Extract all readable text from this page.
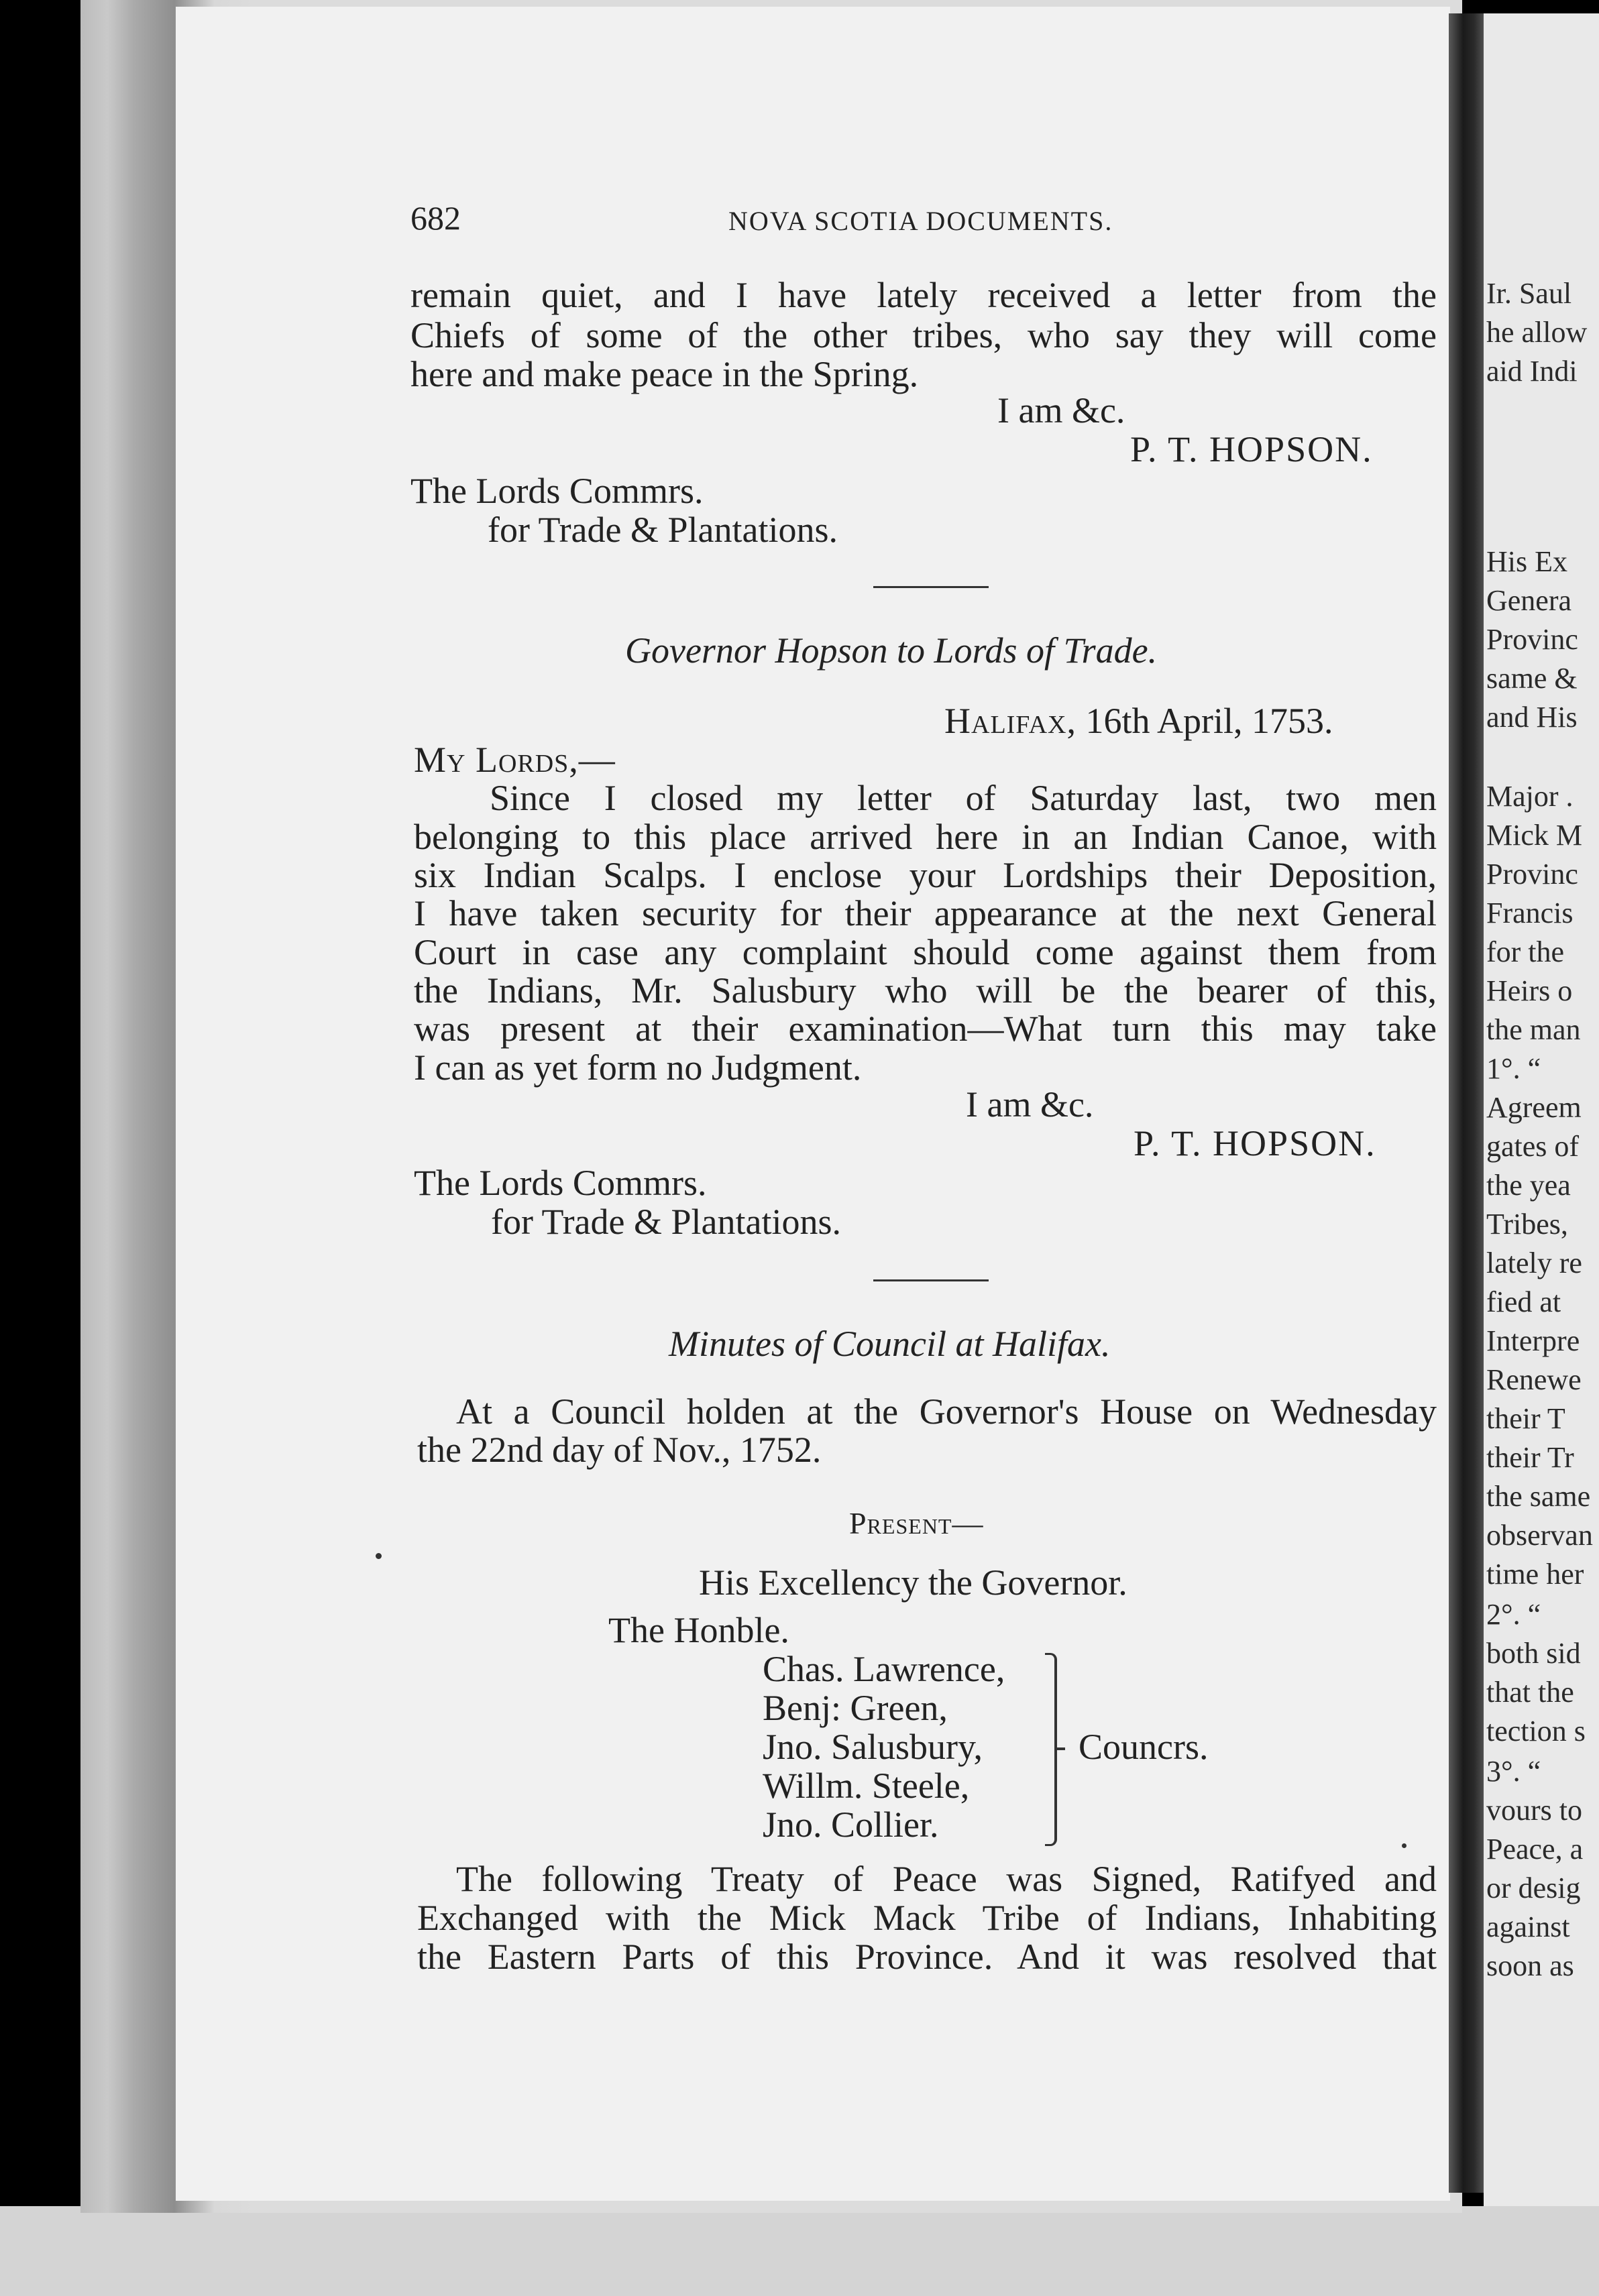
682	NOVA SCOTIA DOCUMENTS.
remain quiet, and I have lately received a letter from the
Chiefs of some of the other tribes, who say they will come
here and make peace in the Spring.
I am &c.
P. T. HOPSON.
The Lords Commrs.
for Trade & Plantations.
Governor Hopson to Lords of Trade.
Halifax, 16th April, 1753.
My Lords,—
Since I closed my letter of Saturday last, two men
belonging to this place arrived here in an Indian Canoe, with
six Indian Scalps. I enclose your Lordships their Deposition,
I have taken security for their appearance at the next General
Court in case any complaint should come against them from
the Indians, Mr. Salusbury who will be the bearer of this,
was present at their examination—What turn this may take
I can as yet form no Judgment.
I am &c.
P. T. HOPSON.
The Lords Commrs.
for Trade & Plantations.
Minutes of Council at Halifax.
At a Council holden at the Governor's House on Wednesday
the 22nd day of Nov., 1752.
Present—
His Excellency the Governor.
The Honble.
Chas. Lawrence,
Benj: Green,
Jno. Salusbury,
Willm. Steele,
Jno. Collier.
Councrs.
The following Treaty of Peace was Signed, Ratifyed and
Exchanged with the Mick Mack Tribe of Indians, Inhabiting
the Eastern Parts of this Province. And it was resolved that
Ir. Saul
he allow
aid Indi
His Ex
Genera
Provinc
same &
and His
Major .
Mick M
Provinc
Francis
for the
Heirs o
the man
1°. “
Agreem
gates of
the yea
Tribes,
lately re
fied at
Interpre
Renewe
their T
their Tr
the same
observan
time her
2°. “
both sid
that the
tection s
3°. “
vours to
Peace, a
or desig
against
soon as
